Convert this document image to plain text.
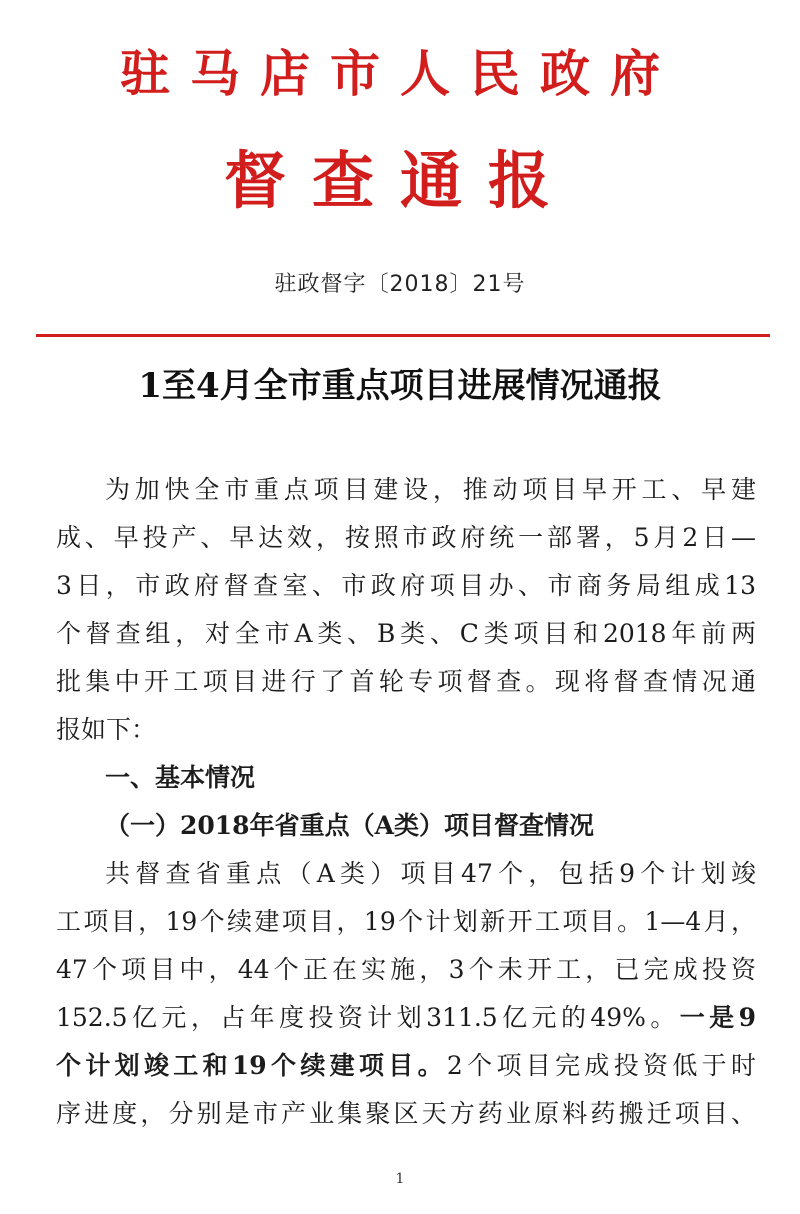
驻马店市人民政府
督查通报
驻政督字〔2018〕21号
1至4月全市重点项目进展情况通报
为加快全市重点项目建设，推动项目早开工、早建
成、早投产、早达效，按照市政府统一部署，5月2日—
3日，市政府督查室、市政府项目办、市商务局组成13
个督查组，对全市A类、B类、C类项目和2018年前两
批集中开工项目进行了首轮专项督查。现将督查情况通
报如下：
一、基本情况
（一）2018年省重点（A类）项目督查情况
共督查省重点（A类）项目47个，包括9个计划竣
工项目，19个续建项目，19个计划新开工项目。1—4月，
47个项目中，44个正在实施，3个未开工，已完成投资
152.5亿元，占年度投资计划311.5亿元的49%。一是9
个计划竣工和19个续建项目。2个项目完成投资低于时
序进度，分别是市产业集聚区天方药业原料药搬迁项目、
1
